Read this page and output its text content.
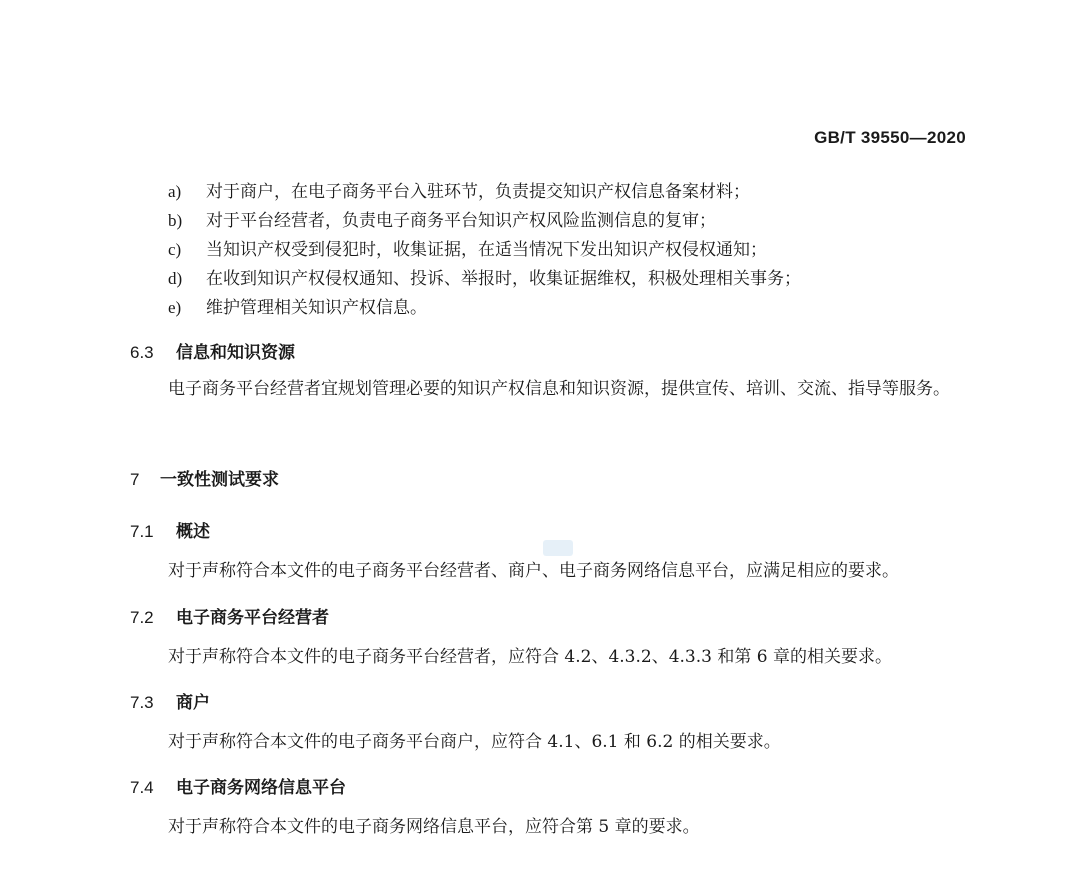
GB/T 39550—2020
a) 对于商户，在电子商务平台入驻环节，负责提交知识产权信息备案材料；
b) 对于平台经营者，负责电子商务平台知识产权风险监测信息的复审；
c) 当知识产权受到侵犯时，收集证据，在适当情况下发出知识产权侵权通知；
d) 在收到知识产权侵权通知、投诉、举报时，收集证据维权，积极处理相关事务；
e) 维护管理相关知识产权信息。
6.3 信息和知识资源
电子商务平台经营者宜规划管理必要的知识产权信息和知识资源，提供宣传、培训、交流、指导等服务。
7 一致性测试要求
7.1 概述
对于声称符合本文件的电子商务平台经营者、商户、电子商务网络信息平台，应满足相应的要求。
7.2 电子商务平台经营者
对于声称符合本文件的电子商务平台经营者，应符合 4.2、4.3.2、4.3.3 和第 6 章的相关要求。
7.3 商户
对于声称符合本文件的电子商务平台商户，应符合 4.1、6.1 和 6.2 的相关要求。
7.4 电子商务网络信息平台
对于声称符合本文件的电子商务网络信息平台，应符合第 5 章的要求。
